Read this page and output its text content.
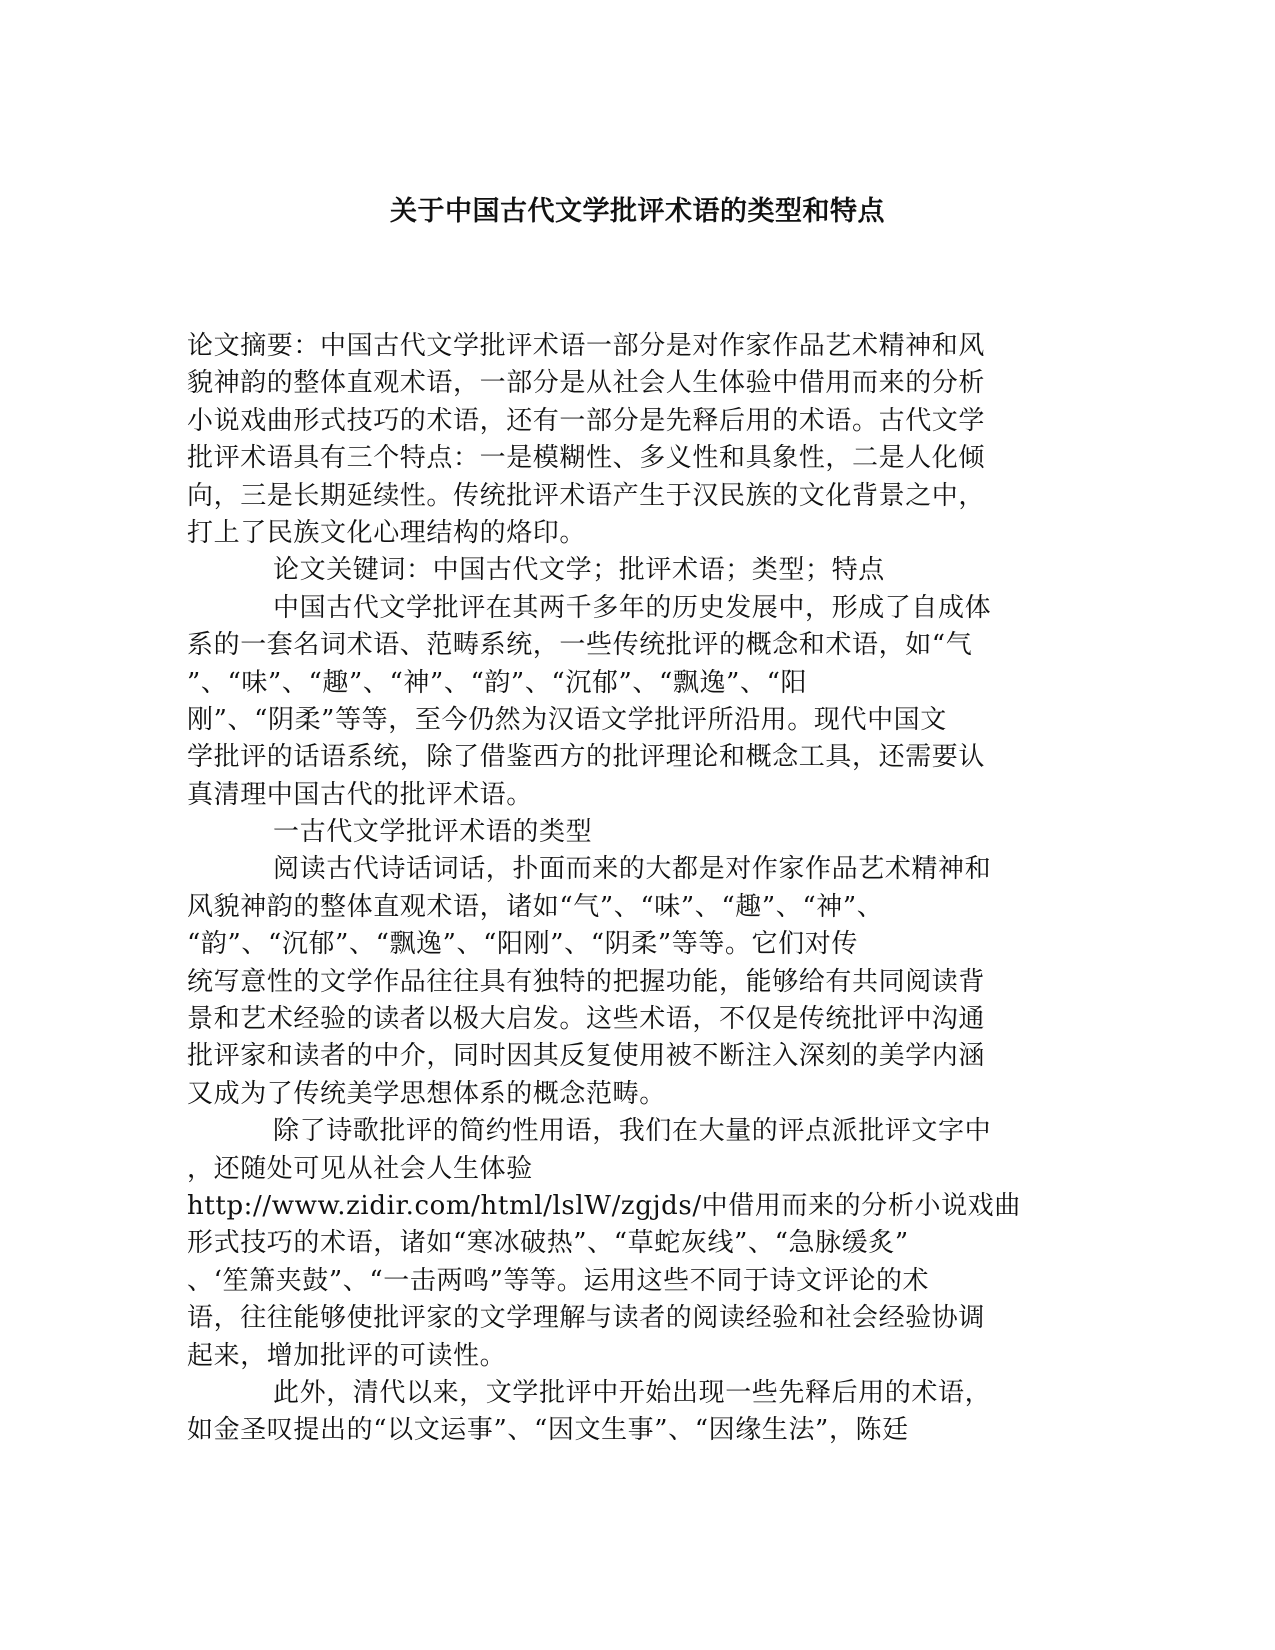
关于中国古代文学批评术语的类型和特点
论文摘要：中国古代文学批评术语一部分是对作家作品艺术精神和风
貌神韵的整体直观术语，一部分是从社会人生体验中借用而来的分析
小说戏曲形式技巧的术语，还有一部分是先释后用的术语。古代文学
批评术语具有三个特点：一是模糊性、多义性和具象性，二是人化倾
向，三是长期延续性。传统批评术语产生于汉民族的文化背景之中，
打上了民族文化心理结构的烙印。
论文关键词：中国古代文学；批评术语；类型；特点
中国古代文学批评在其两千多年的历史发展中，形成了自成体
系的一套名词术语、范畴系统，一些传统批评的概念和术语，如“气
”、“味”、“趣”、“神”、“韵”、“沉郁”、“飘逸”、“阳
刚”、“阴柔”等等，至今仍然为汉语文学批评所沿用。现代中国文
学批评的话语系统，除了借鉴西方的批评理论和概念工具，还需要认
真清理中国古代的批评术语。
一古代文学批评术语的类型
阅读古代诗话词话，扑面而来的大都是对作家作品艺术精神和
风貌神韵的整体直观术语，诸如“气”、“味”、“趣”、“神”、
“韵”、“沉郁”、“飘逸”、“阳刚”、“阴柔”等等。它们对传
统写意性的文学作品往往具有独特的把握功能，能够给有共同阅读背
景和艺术经验的读者以极大启发。这些术语，不仅是传统批评中沟通
批评家和读者的中介，同时因其反复使用被不断注入深刻的美学内涵
又成为了传统美学思想体系的概念范畴。
除了诗歌批评的简约性用语，我们在大量的评点派批评文字中
，还随处可见从社会人生体验
http://www.zidir.com/html/lslW/zgjds/中借用而来的分析小说戏曲
形式技巧的术语，诸如“寒冰破热”、“草蛇灰线”、“急脉缓炙”
、‘笙箫夹鼓”、“一击两鸣”等等。运用这些不同于诗文评论的术
语，往往能够使批评家的文学理解与读者的阅读经验和社会经验协调
起来，增加批评的可读性。
此外，清代以来，文学批评中开始出现一些先释后用的术语，
如金圣叹提出的“以文运事”、“因文生事”、“因缘生法”，陈廷
